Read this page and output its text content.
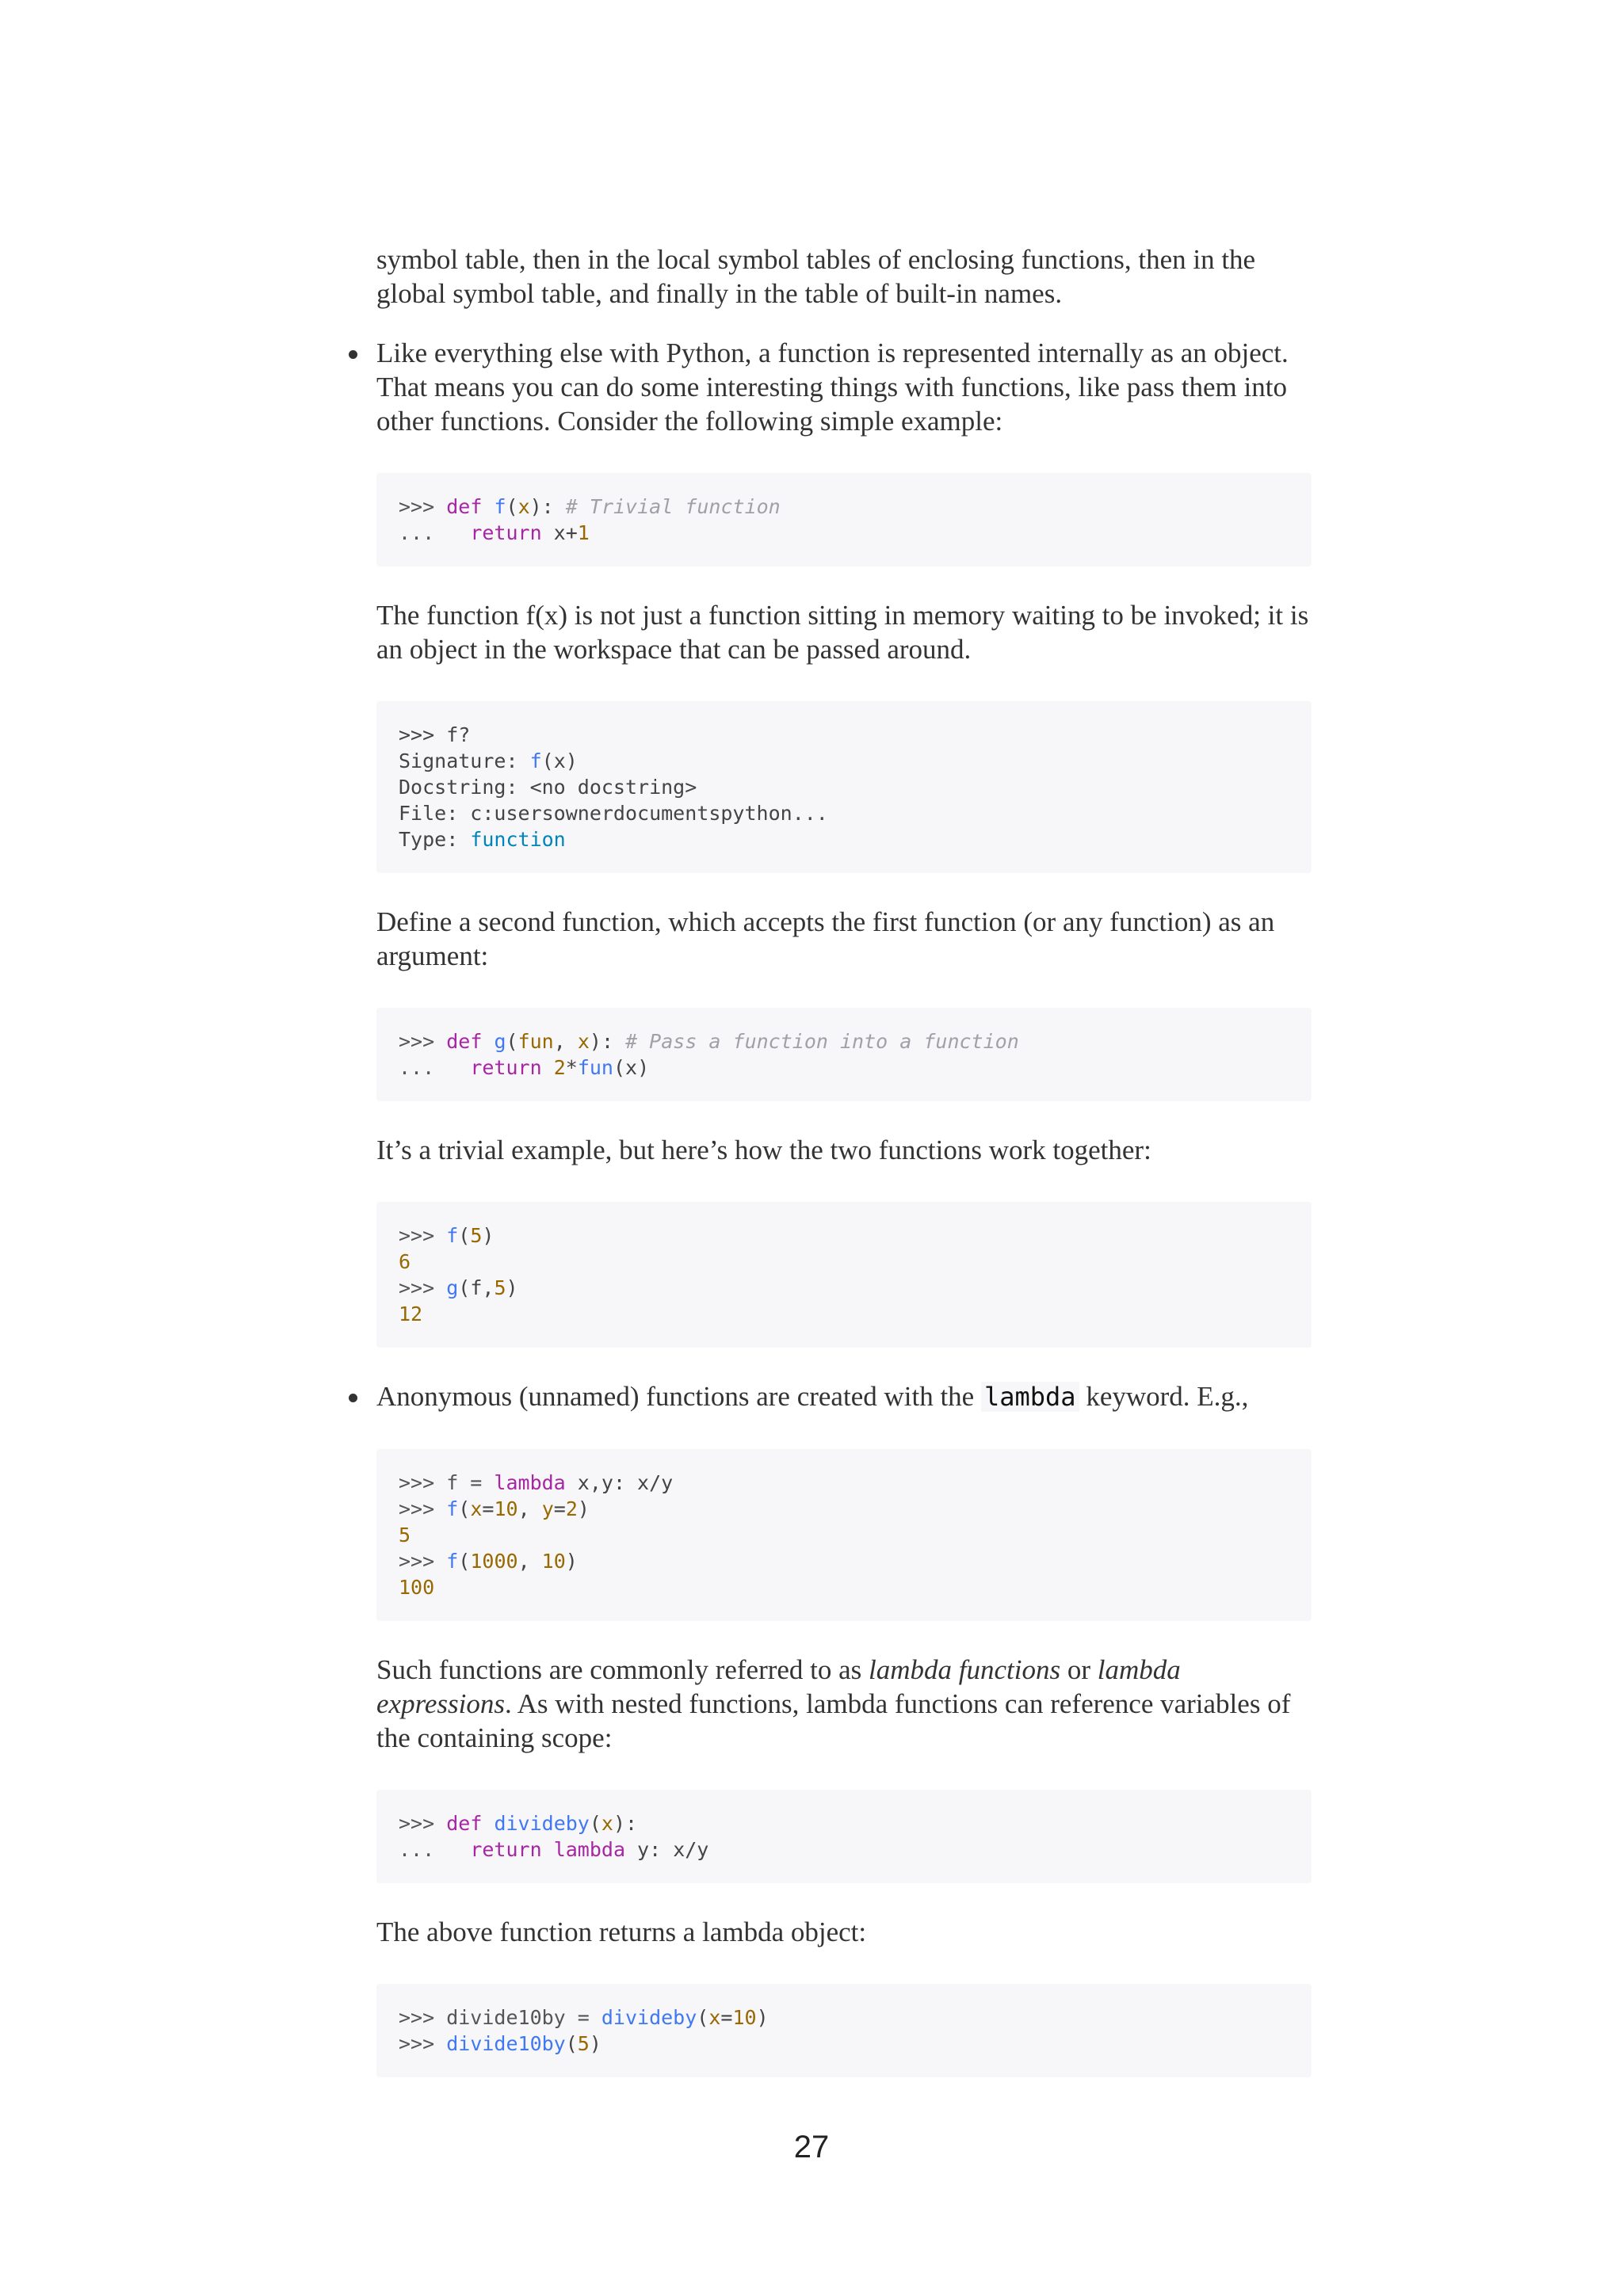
symbol table, then in the local symbol tables of enclosing functions, then in the global symbol table, and finally in the table of built-in names.

Like everything else with Python, a function is represented internally as an object. That means you can do some interesting things with functions, like pass them into other functions. Consider the following simple example:

>>> def f(x): # Trivial function
...   return x+1

The function f(x) is not just a function sitting in memory waiting to be invoked; it is an object in the workspace that can be passed around.

>>> f?
Signature: f(x)
Docstring: <no docstring>
File: c:usersownerdocumentspython...
Type: function

Define a second function, which accepts the first function (or any function) as an argument:

>>> def g(fun, x): # Pass a function into a function
...   return 2*fun(x)

It’s a trivial example, but here’s how the two functions work together:

>>> f(5)
6
>>> g(f,5)
12

Anonymous (unnamed) functions are created with the lambda keyword. E.g.,

>>> f = lambda x,y: x/y
>>> f(x=10, y=2)
5
>>> f(1000, 10)
100

Such functions are commonly referred to as lambda functions or lambda expressions. As with nested functions, lambda functions can reference variables of the containing scope:

>>> def divideby(x):
...   return lambda y: x/y

The above function returns a lambda object:

>>> divide10by = divideby(x=10)
>>> divide10by(5)
27
